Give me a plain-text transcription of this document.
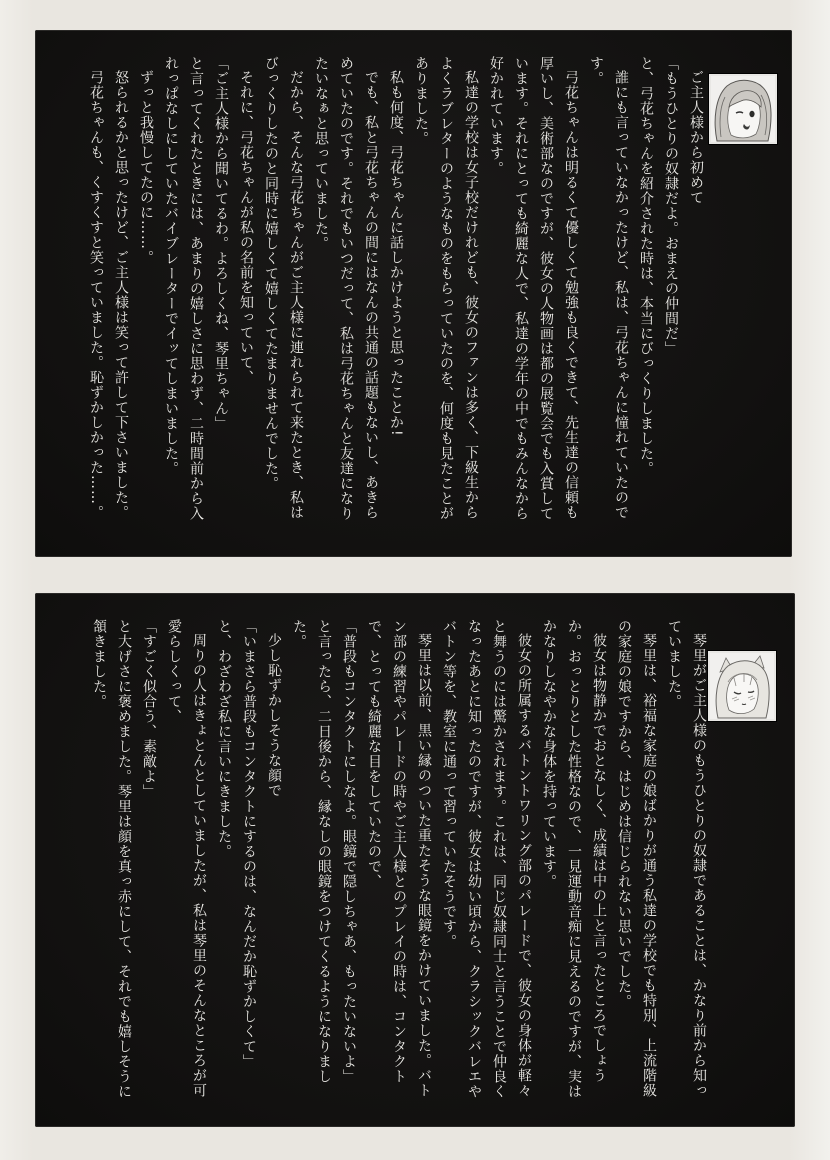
ご主人様から初めて

「もうひとりの奴隷だよ。おまえの仲間だ」

と、弓花ちゃんを紹介された時は、本当にびっくりしました。

誰にも言っていなかったけど、私は、弓花ちゃんに憧れていたのです。

弓花ちゃんは明るくて優しくて勉強も良くできて、先生達の信頼も厚いし、美術部なのですが、彼女の人物画は都の展覧会でも入賞しています。それにとっても綺麗な人で、私達の学年の中でもみんなから好かれています。

私達の学校は女子校だけれども、彼女のファンは多く、下級生からよくラブレターのようなものをもらっていたのを、何度も見たことがありました。

私も何度、弓花ちゃんに話しかけようと思ったことか!

でも、私と弓花ちゃんの間にはなんの共通の話題もないし、あきらめていたのです。それでもいつだって、私は弓花ちゃんと友達になりたいなぁと思っていました。

だから、そんな弓花ちゃんがご主人様に連れられて来たとき、私はびっくりしたのと同時に嬉しくて嬉しくてたまりませんでした。

それに、弓花ちゃんが私の名前を知っていて、

「ご主人様から聞いてるわ。よろしくね、琴里ちゃん」

と言ってくれたときには、あまりの嬉しさに思わず、二時間前から入れっぱなしにしていたバイブレーターでイッてしまいました。

ずっと我慢してたのに……。

怒られるかと思ったけど、ご主人様は笑って許して下さいました。

弓花ちゃんも、くすくすと笑っていました。恥ずかしかった……。

琴里がご主人様のもうひとりの奴隷であることは、かなり前から知っていました。

琴里は、裕福な家庭の娘ばかりが通う私達の学校でも特別、上流階級の家庭の娘ですから、はじめは信じられない思いでした。

彼女は物静かでおとなしく、成績は中の上と言ったところでしょうか。おっとりとした性格なので、一見運動音痴に見えるのですが、実はかなりしなやかな身体を持っています。

彼女の所属するバトントワリング部のパレードで、彼女の身体が軽々と舞うのには驚かされます。これは、同じ奴隷同士と言うことで仲良くなったあとに知ったのですが、彼女は幼い頃から、クラシックバレエやバトン等を、教室に通って習っていたそうです。

琴里は以前、黒い縁のついた重たそうな眼鏡をかけていました。バトン部の練習やパレードの時やご主人様とのプレイの時は、コンタクトで、とっても綺麗な目をしていたので、

「普段もコンタクトにしなよ。眼鏡で隠しちゃあ、もったいないよ」

と言ったら、二日後から、縁なしの眼鏡をつけてくるようになりました。

少し恥ずかしそうな顔で

「いまさら普段もコンタクトにするのは、なんだか恥ずかしくて」

と、わざわざ私に言いにきました。

周りの人はきょとんとしていましたが、私は琴里のそんなところが可愛らしくって、

「すごく似合う、素敵よ」

と大げさに褒めました。琴里は顔を真っ赤にして、それでも嬉しそうに頷きました。
